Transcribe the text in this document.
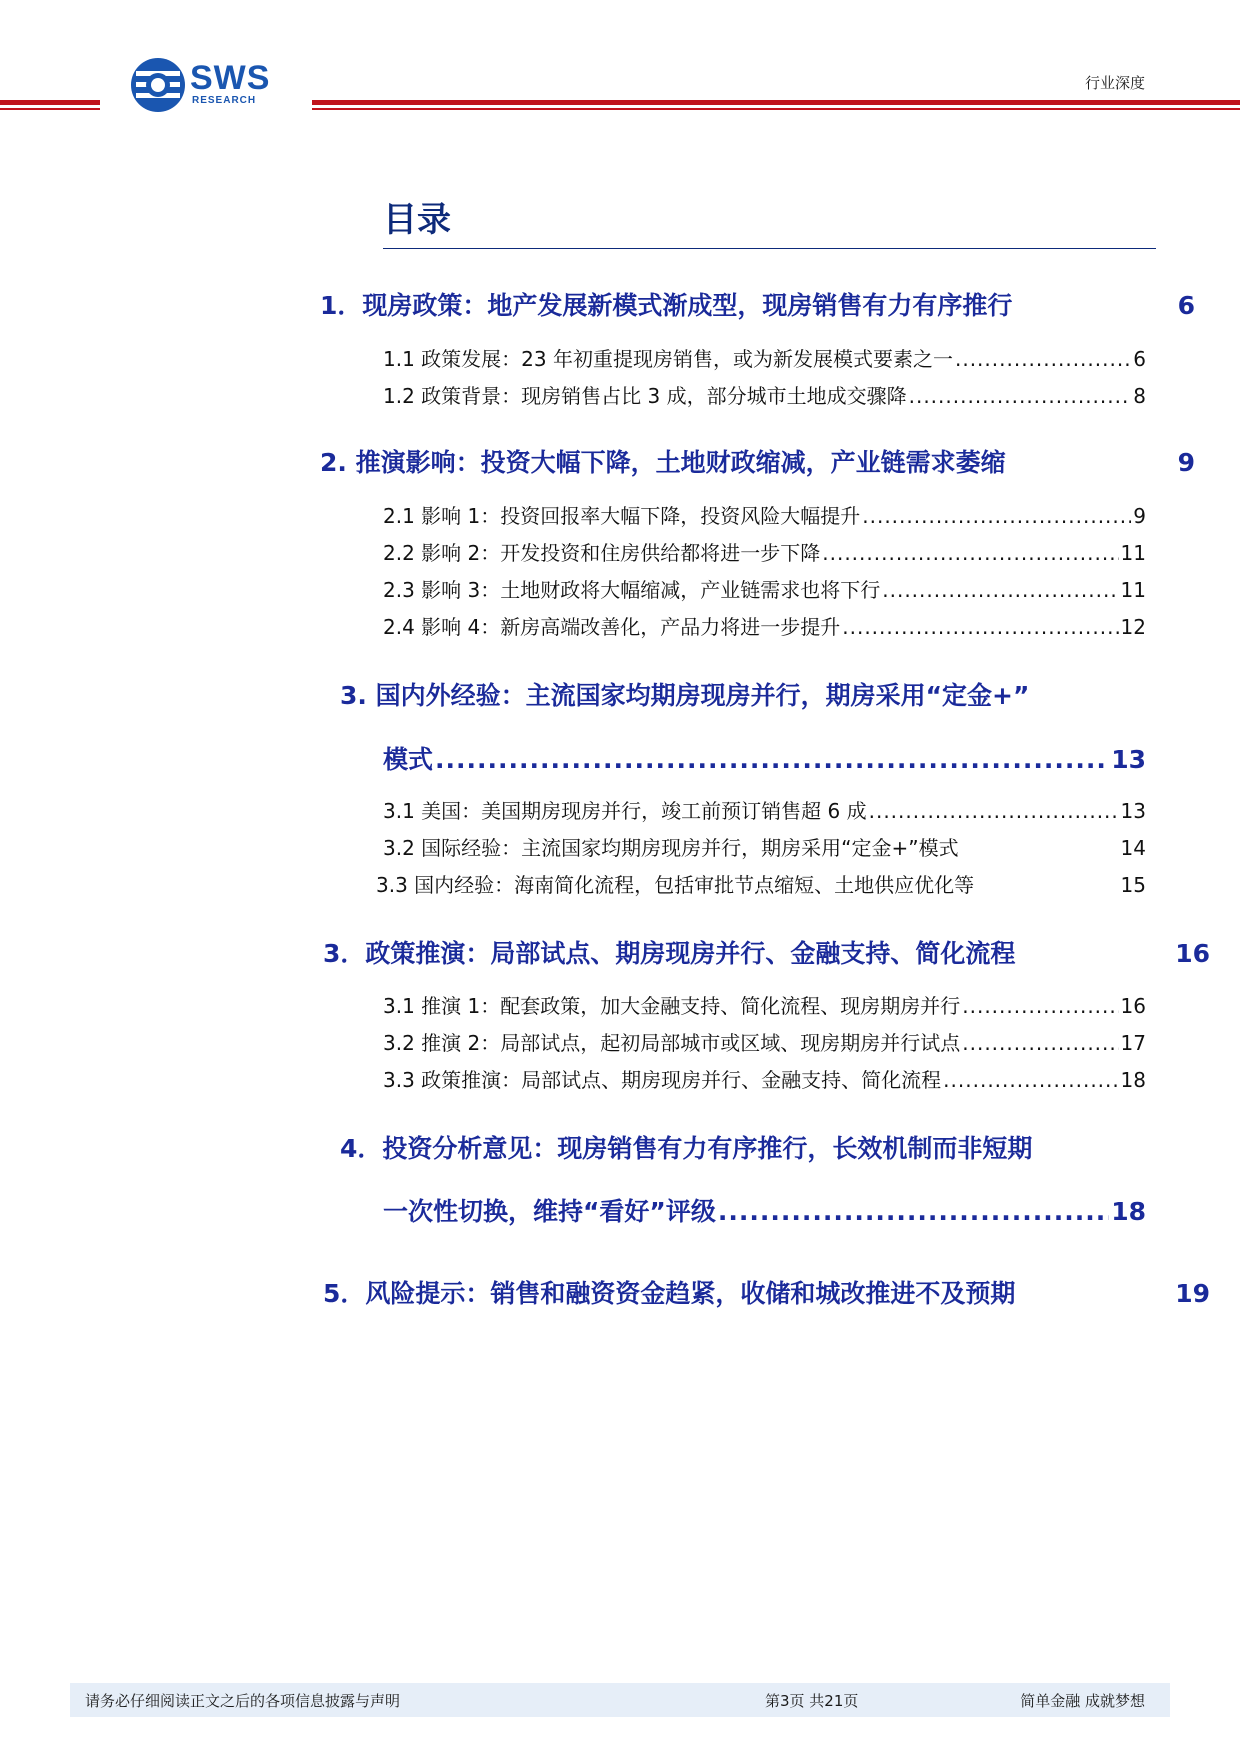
SWS
RESEARCH
行业深度
目录
1．现房政策：地产发展新模式渐成型，现房销售有力有序推行	6
1.1 政策发展：23 年初重提现房销售，或为新发展模式要素之一 .....	6
1.2 政策背景：现房销售占比 3 成，部分城市土地成交骤降 .....	8
2. 推演影响：投资大幅下降，土地财政缩减，产业链需求萎缩	9
2.1 影响 1：投资回报率大幅下降，投资风险大幅提升 .....	9
2.2 影响 2：开发投资和住房供给都将进一步下降 .....	11
2.3 影响 3：土地财政将大幅缩减，产业链需求也将下行 .....	11
2.4 影响 4：新房高端改善化，产品力将进一步提升 .....	12
3. 国内外经验：主流国家均期房现房并行，期房采用“定金+”
模式 .....	13
3.1 美国：美国期房现房并行，竣工前预订销售超 6 成 .....	13
3.2 国际经验：主流国家均期房现房并行，期房采用“定金+”模式	14
3.3 国内经验：海南简化流程，包括审批节点缩短、土地供应优化等	15
3．政策推演：局部试点、期房现房并行、金融支持、简化流程	16
3.1 推演 1：配套政策，加大金融支持、简化流程、现房期房并行 .....	16
3.2 推演 2：局部试点，起初局部城市或区域、现房期房并行试点 .....	17
3.3 政策推演：局部试点、期房现房并行、金融支持、简化流程 .....	18
4．投资分析意见：现房销售有力有序推行，长效机制而非短期
一次性切换，维持“看好”评级 .....	18
5．风险提示：销售和融资资金趋紧，收储和城改推进不及预期	19
请务必仔细阅读正文之后的各项信息披露与声明	第3页 共21页	简单金融 成就梦想
